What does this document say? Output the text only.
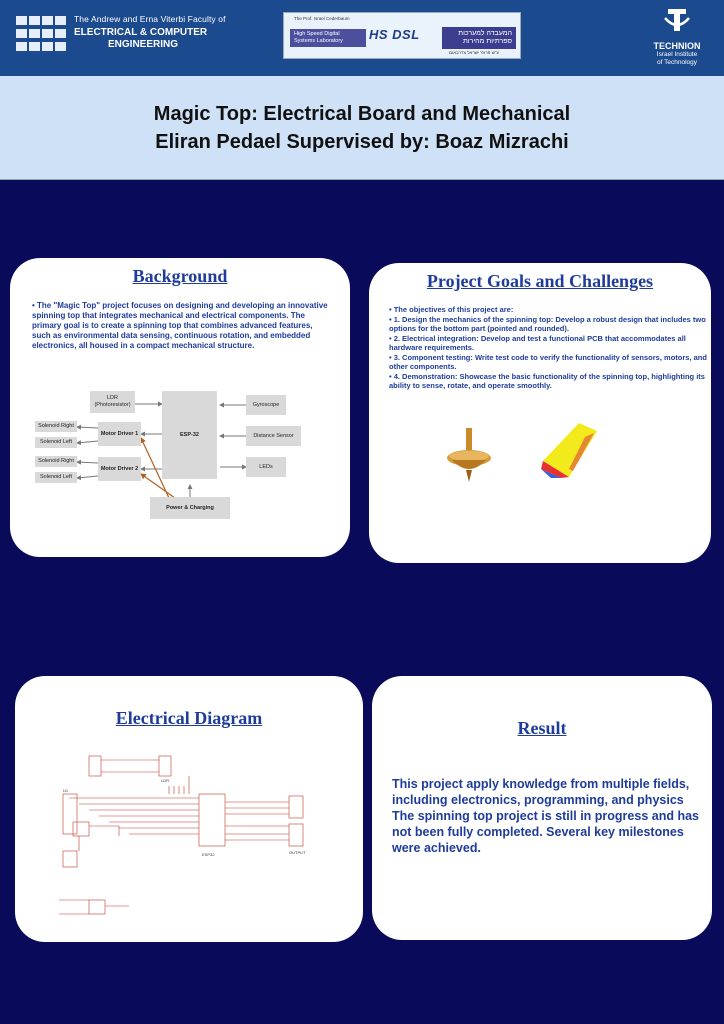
The Andrew and Erna Viterbi Faculty of
ELECTRICAL & COMPUTER
ENGINEERING
The Prof. Israel Cederbaum
High Speed Digital Systems Laboratory	HS DSL	המעבדה למערכות ספרתיות מהירות
ע"ש פרופ' ישראל צדרבאום
TECHNION
Israel Institute
of Technology
Magic Top: Electrical Board and Mechanical
Eliran Pedael Supervised by: Boaz Mizrachi
Background
• The "Magic Top" project focuses on designing and developing an innovative spinning top that integrates mechanical and electrical components. The primary goal is to create a spinning top that combines advanced features, such as environmental data sensing, continuous rotation, and embedded electronics, all housed in a compact mechanical structure.
LDR
(Photoresistor)
ESP-32
Gyroscope
Distance Sensor
LEDs
Motor Driver 1
Motor Driver 2
Solenoid Right
Solenoid Left
Solenoid Right
Solenoid Left
Power & Charging
Project Goals and Challenges
• The objectives of this project are:
• 1. Design the mechanics of the spinning top: Develop a robust design that includes two options for the bottom part (pointed and rounded).
• 2. Electrical integration: Develop and test a functional PCB that accommodates all hardware requirements.
• 3. Component testing: Write test code to verify the functionality of sensors, motors, and other components.
• 4. Demonstration: Showcase the basic functionality of the spinning top, highlighting its ability to sense, rotate, and operate smoothly.
Electrical Diagram
ESP32
U1
LDR
OUTPUT
Result
This project apply knowledge from multiple fields, including electronics, programming, and physics
The spinning top project is still in progress and has not been fully completed. Several key milestones were achieved.
